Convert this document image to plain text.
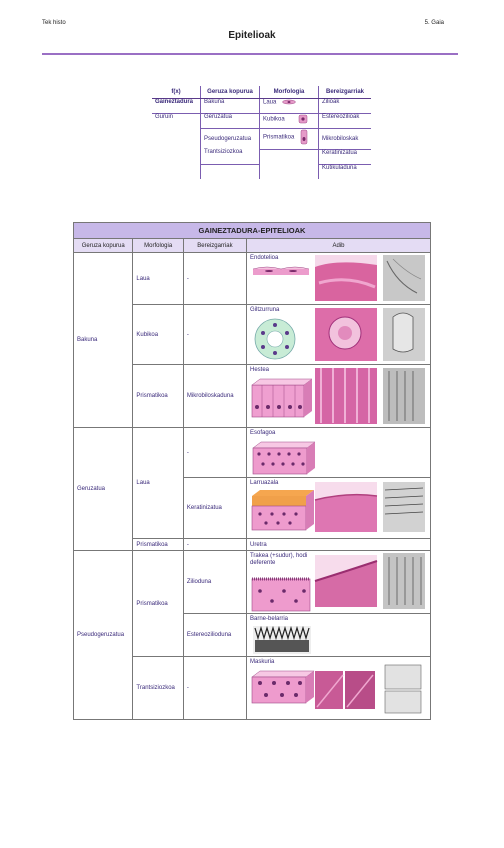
Tek histo	5. Gaia
Epitelioak
f(x)	Geruza kopurua	Morfologia	Bereizgarriak
Gaineztadura	Bakuna	Laua	Zilioak
Guruin	Geruzatua	Kubikoa	Estereozilioak
	Pseudogeruzatua	Prismatikoa	Mikrobiloskak
	Trantsiziozkoa		Keratinizatua
			Kutikuladuna
GAINEZTADURA-EPITELIOAK			
Geruza kopurua	Morfologia	Bereizgarriak	Adib
Bakuna	Laua	-	Endotelioa

	Kubikoa	-	Giltzurruna

	Prismatikoa	Mikrobiloskaduna	Hestea

Geruzatua	Laua	-	Esofagoa

		Keratinizatua	Larruazala

	Prismatikoa	-	Uretra
Pseudogeruzatua	Prismatikoa	Zilioduna	Trakea (+sudur), hodi deferente

		Estereozilioduna	Barne-belarria

	Trantsiziozkoa	-	Maskuria
